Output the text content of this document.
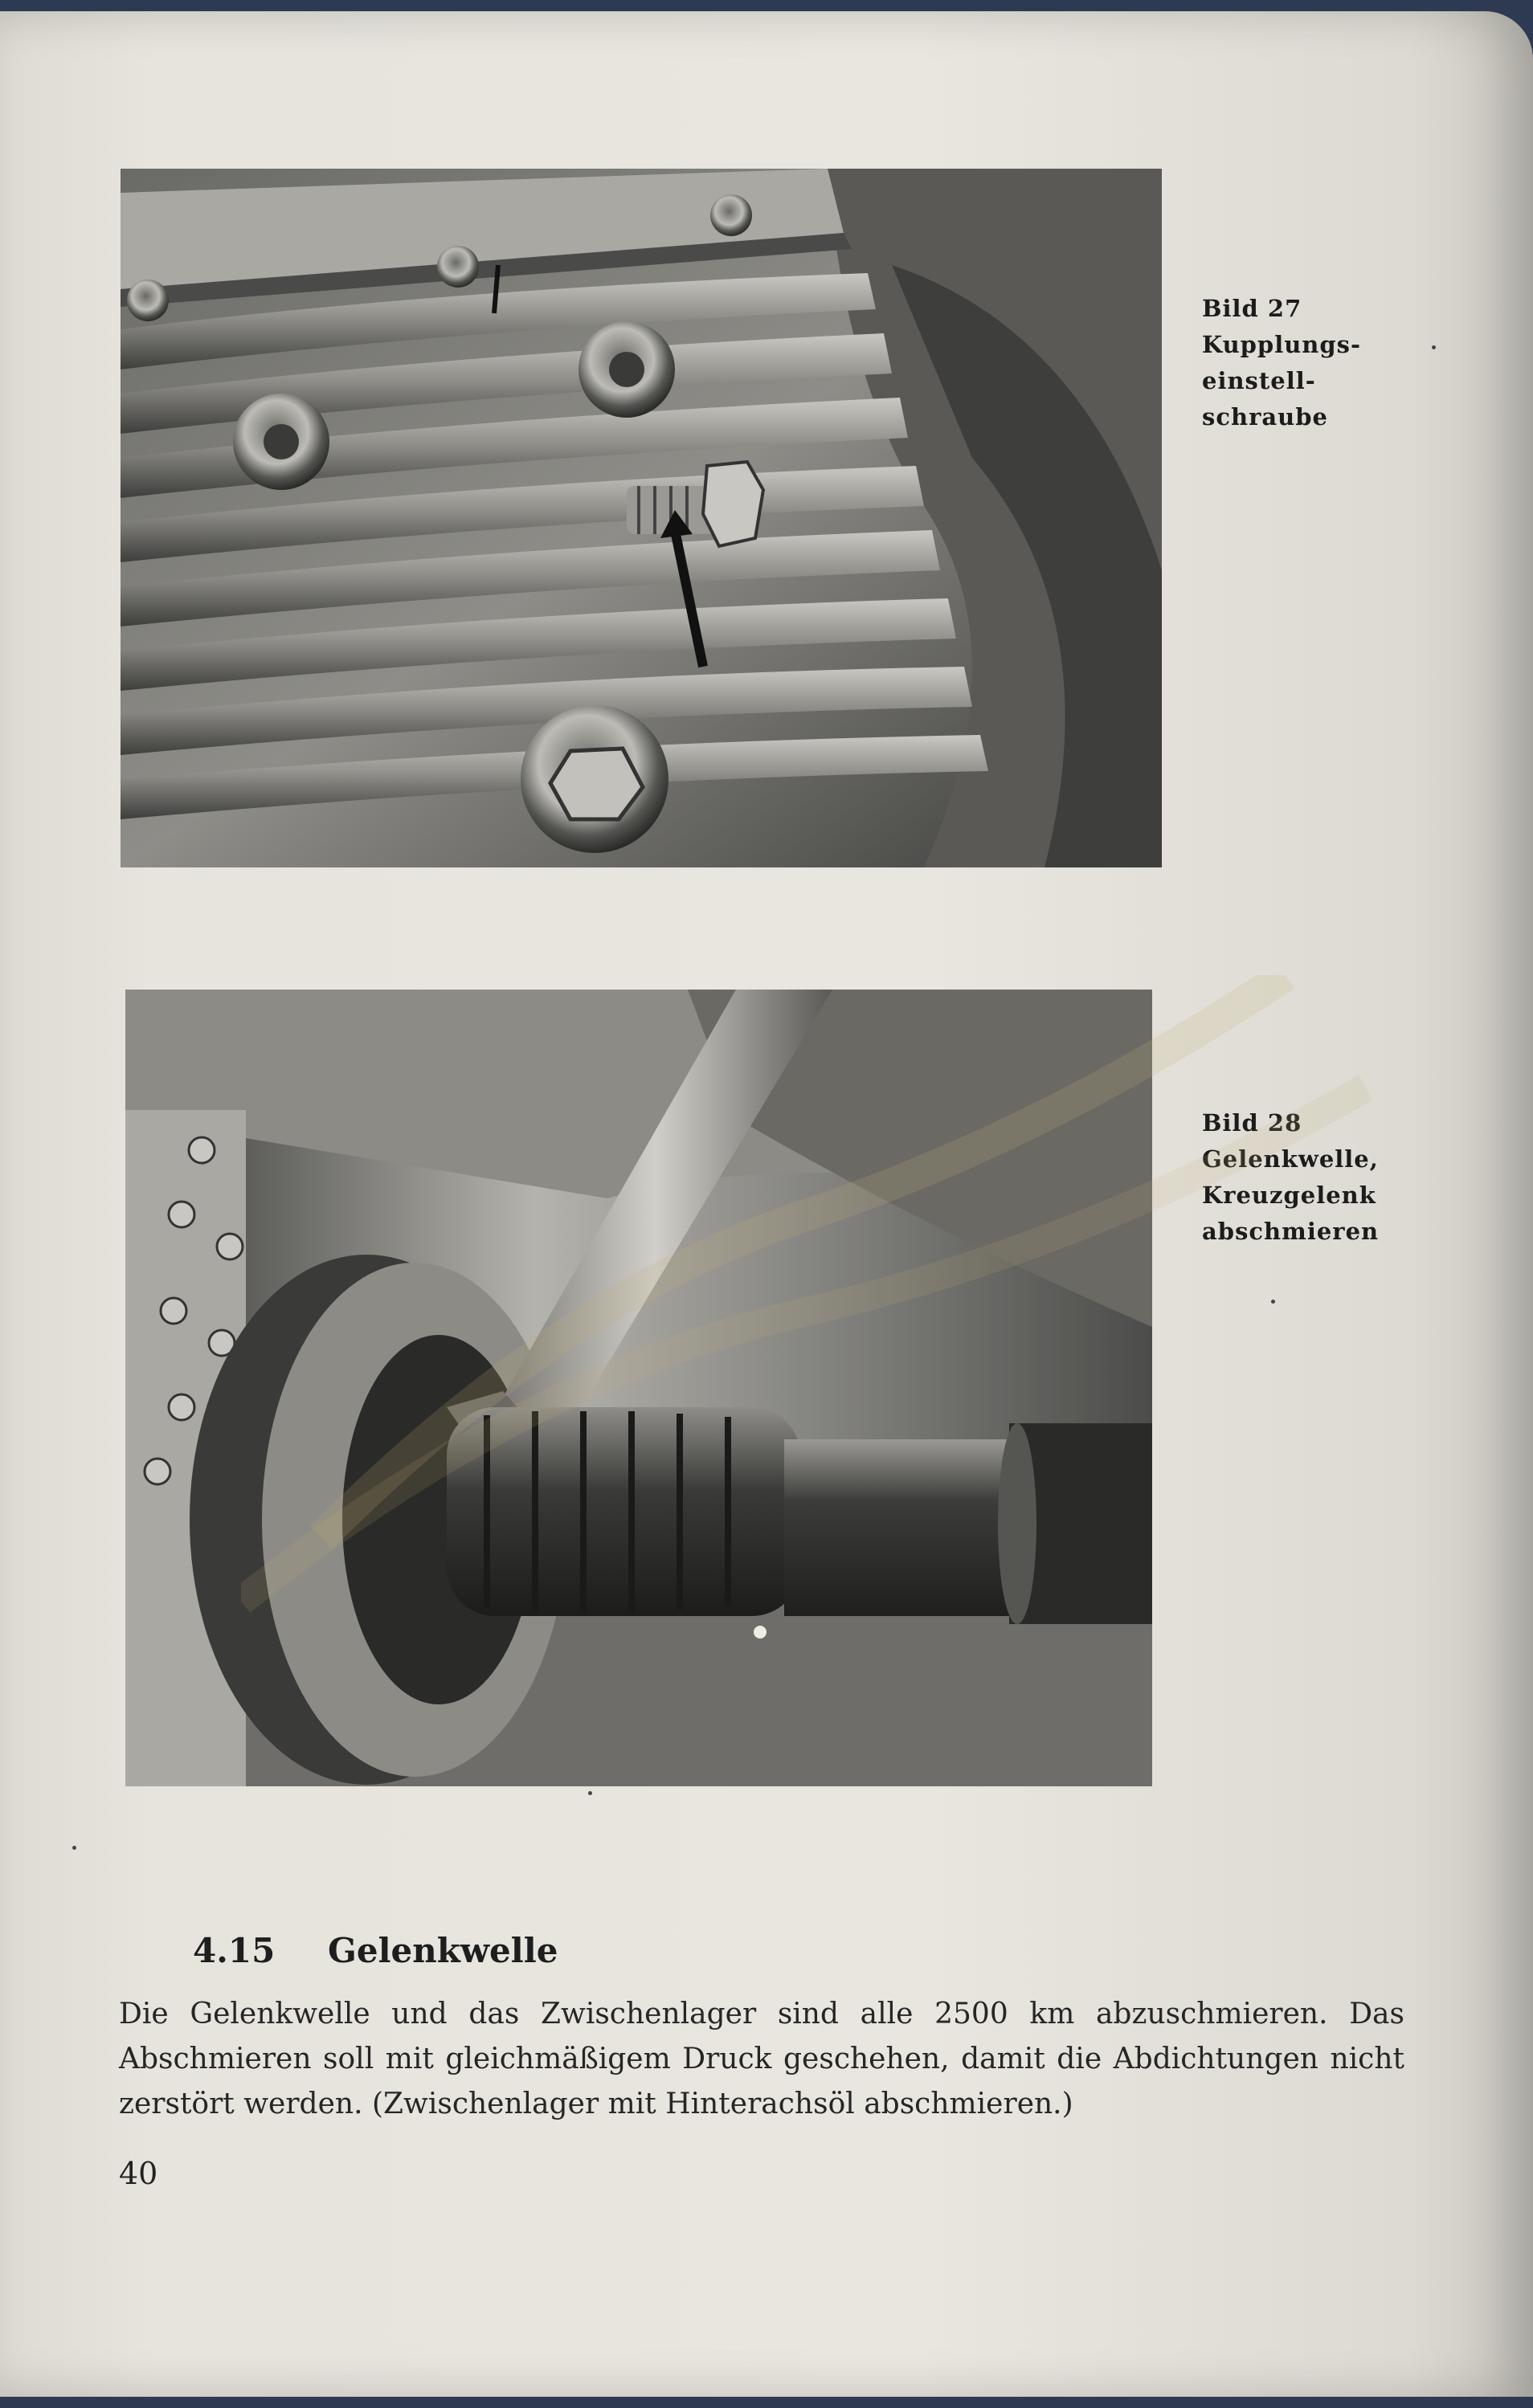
Bild 27
Kupplungs-
einstell-
schraube
Bild 28
Gelenkwelle,
Kreuzgelenk
abschmieren
4.15 Gelenkwelle
Die Gelenkwelle und das Zwischenlager sind alle 2500 km abzuschmieren. Das Abschmieren soll mit gleichmäßigem Druck geschehen, damit die Abdichtungen nicht zerstört werden. (Zwischenlager mit Hinterachsöl abschmieren.)
40
